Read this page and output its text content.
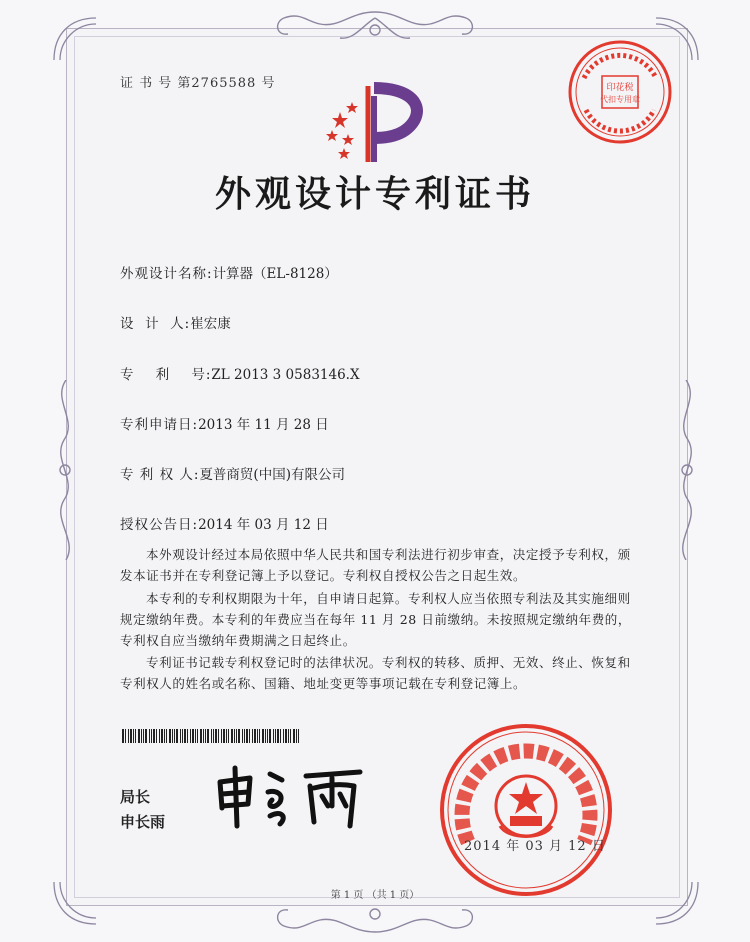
证 书 号 第2765588 号	印花税
代扣专用章
外观设计专利证书
外观设计名称:计算器（EL-8128）
设  计  人:崔宏康
专    利    号:ZL 2013 3 0583146.X
专利申请日:2013 年 11 月 28 日
专 利 权 人:夏普商贸(中国)有限公司
授权公告日:2014 年 03 月 12 日
本外观设计经过本局依照中华人民共和国专利法进行初步审查，决定授予专利权，颁发本证书并在专利登记簿上予以登记。专利权自授权公告之日起生效。
本专利的专利权期限为十年，自申请日起算。专利权人应当依照专利法及其实施细则规定缴纳年费。本专利的年费应当在每年 11 月 28 日前缴纳。未按照规定缴纳年费的，专利权自应当缴纳年费期满之日起终止。
专利证书记载专利权登记时的法律状况。专利权的转移、质押、无效、终止、恢复和专利权人的姓名或名称、国籍、地址变更等事项记载在专利登记簿上。
局长
申长雨
2014 年 03 月 12 日
第 1 页 （共 1 页）
